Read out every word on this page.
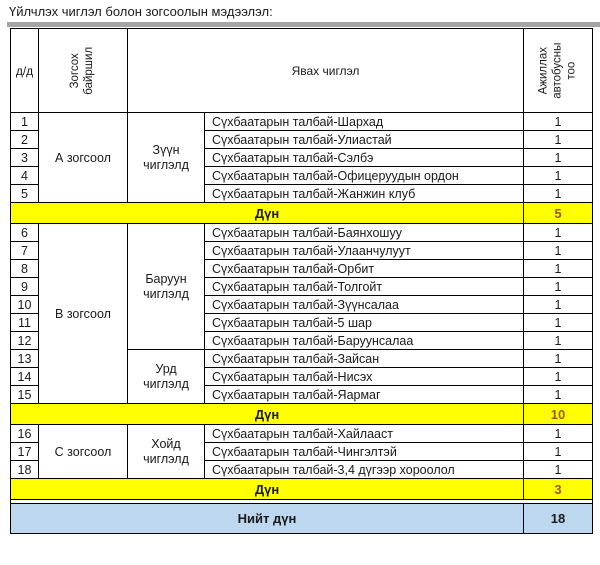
Үйлчлэх чиглэл болон зогсоолын мэдээлэл:
д/д	Зогсох байршил	Явах чиглэл		Ажиллах автобусны тоо

1	А зогсоол	Зүүн чиглэлд	Сүхбаатарын талбай-Шархад	1
2			Сүхбаатарын талбай-Улиастай	1
3			Сүхбаатарын талбай-Сэлбэ	1
4			Сүхбаатарын талбай-Офицеруудын ордон	1
5			Сүхбаатарын талбай-Жанжин клуб	1
Дүн				5
6	В зогсоол	Баруун чиглэлд	Сүхбаатарын талбай-Баянхошуу	1
7			Сүхбаатарын талбай-Улаанчулуут	1
8			Сүхбаатарын талбай-Орбит	1
9			Сүхбаатарын талбай-Толгойт	1
10			Сүхбаатарын талбай-Зүүнсалаа	1
11			Сүхбаатарын талбай-5 шар	1
12			Сүхбаатарын талбай-Баруунсалаа	1
13		Урд чиглэлд	Сүхбаатарын талбай-Зайсан	1
14			Сүхбаатарын талбай-Нисэх	1
15			Сүхбаатарын талбай-Яармаг	1
Дүн				10
16	С зогсоол	Хойд чиглэлд	Сүхбаатарын талбай-Хайлааст	1
17			Сүхбаатарын талбай-Чингэлтэй	1
18			Сүхбаатарын талбай-3,4 дүгээр хороолол	1
Дүн				3

Нийт дүн				18
